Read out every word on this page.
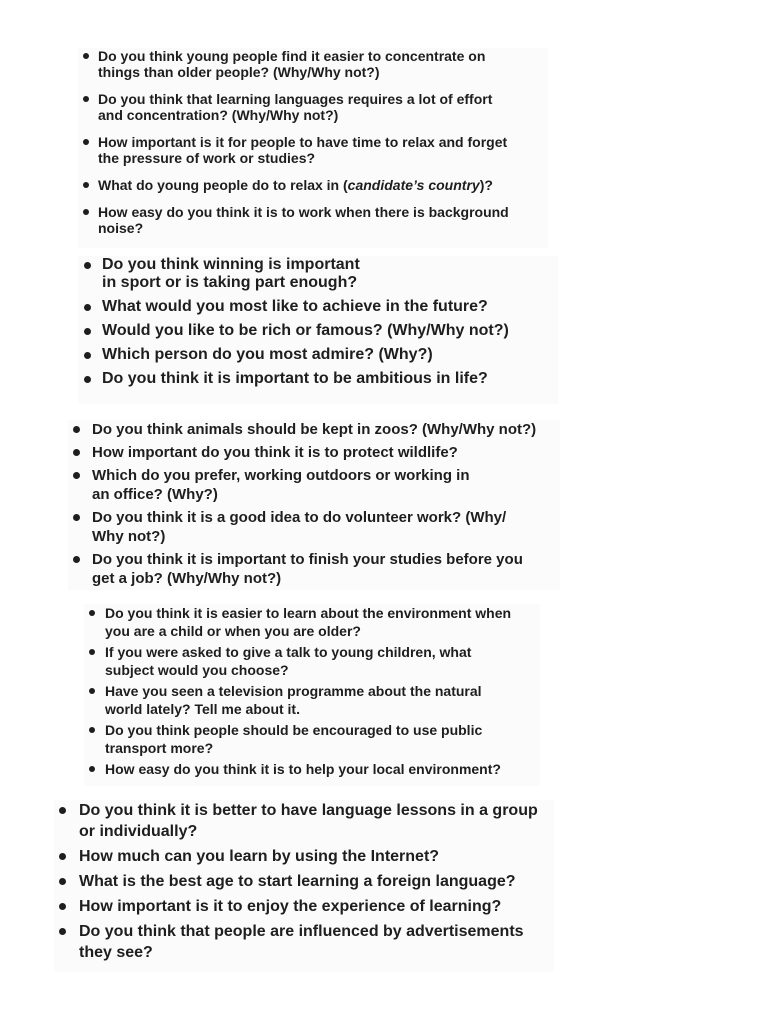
Do you think young people find it easier to concentrate on
things than older people? (Why/Why not?)
Do you think that learning languages requires a lot of effort
and concentration? (Why/Why not?)
How important is it for people to have time to relax and forget
the pressure of work or studies?
What do young people do to relax in (candidate’s country)?
How easy do you think it is to work when there is background
noise?
Do you think winning is important
in sport or is taking part enough?
What would you most like to achieve in the future?
Would you like to be rich or famous? (Why/Why not?)
Which person do you most admire? (Why?)
Do you think it is important to be ambitious in life?
Do you think animals should be kept in zoos? (Why/Why not?)
How important do you think it is to protect wildlife?
Which do you prefer, working outdoors or working in
an office? (Why?)
Do you think it is a good idea to do volunteer work? (Why/
Why not?)
Do you think it is important to finish your studies before you
get a job? (Why/Why not?)
Do you think it is easier to learn about the environment when
you are a child or when you are older?
If you were asked to give a talk to young children, what
subject would you choose?
Have you seen a television programme about the natural
world lately? Tell me about it.
Do you think people should be encouraged to use public
transport more?
How easy do you think it is to help your local environment?
Do you think it is better to have language lessons in a group
or individually?
How much can you learn by using the Internet?
What is the best age to start learning a foreign language?
How important is it to enjoy the experience of learning?
Do you think that people are influenced by advertisements
they see?
